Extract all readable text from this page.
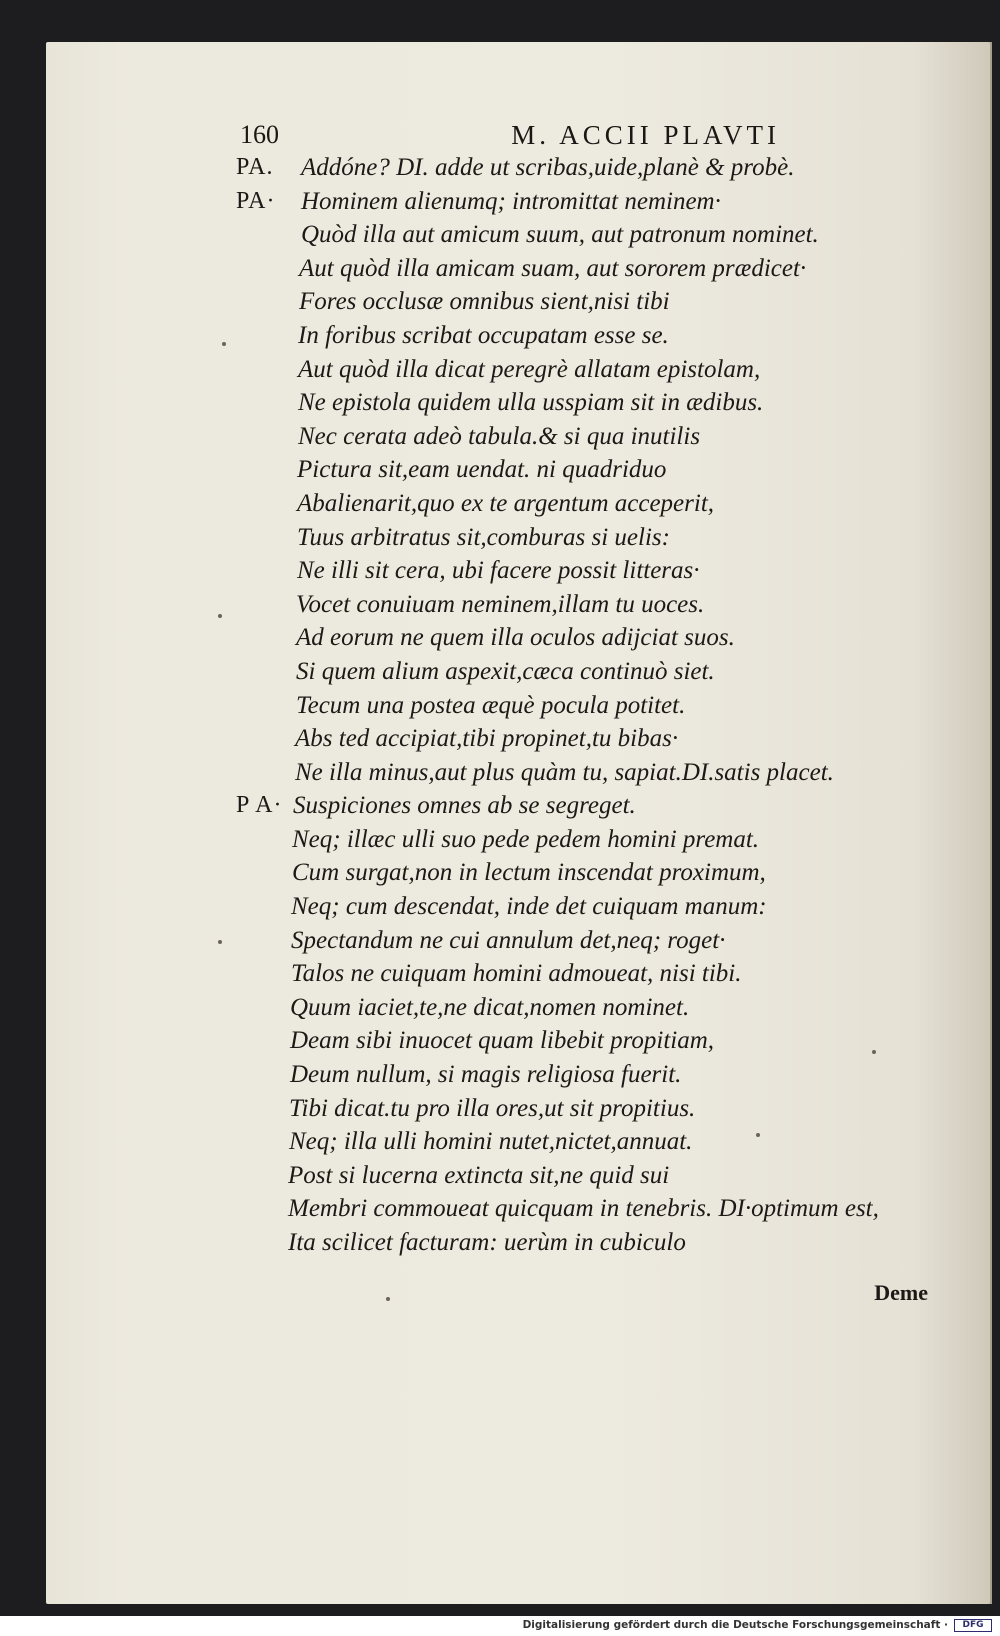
160	M. ACCII PLAVTI
PA. Addóne? DI. adde ut scribas,uide,planè & probè.
PA· Hominem alienumq; intromittat neminem·
Quòd illa aut amicum suum, aut patronum nominet.
Aut quòd illa amicam suam, aut sororem prædicet·
Fores occlusæ omnibus sient,nisi tibi
In foribus scribat occupatam esse se.
Aut quòd illa dicat peregrè allatam epistolam,
Ne epistola quidem ulla usspiam sit in ædibus.
Nec cerata adeò tabula.& si qua inutilis
Pictura sit,eam uendat. ni quadriduo
Abalienarit,quo ex te argentum acceperit,
Tuus arbitratus sit,comburas si uelis:
Ne illi sit cera, ubi facere possit litteras·
Vocet conuiuam neminem,illam tu uoces.
Ad eorum ne quem illa oculos adijciat suos.
Si quem alium aspexit,cæca continuò siet.
Tecum una postea æquè pocula potitet.
Abs ted accipiat,tibi propinet,tu bibas·
Ne illa minus,aut plus quàm tu, sapiat.DI.satis placet.
P A· Suspiciones omnes ab se segreget.
Neq; illæc ulli suo pede pedem homini premat.
Cum surgat,non in lectum inscendat proximum,
Neq; cum descendat, inde det cuiquam manum:
Spectandum ne cui annulum det,neq; roget·
Talos ne cuiquam homini admoueat, nisi tibi.
Quum iaciet,te,ne dicat,nomen nominet.
Deam sibi inuocet quam libebit propitiam,
Deum nullum, si magis religiosa fuerit.
Tibi dicat.tu pro illa ores,ut sit propitius.
Neq; illa ulli homini nutet,nictet,annuat.
Post si lucerna extincta sit,ne quid sui
Membri commoueat quicquam in tenebris. DI·optimum est,
Ita scilicet facturam: uerùm in cubiculo
Deme
Digitalisierung gefördert durch die Deutsche Forschungsgemeinschaft ·	DFG
